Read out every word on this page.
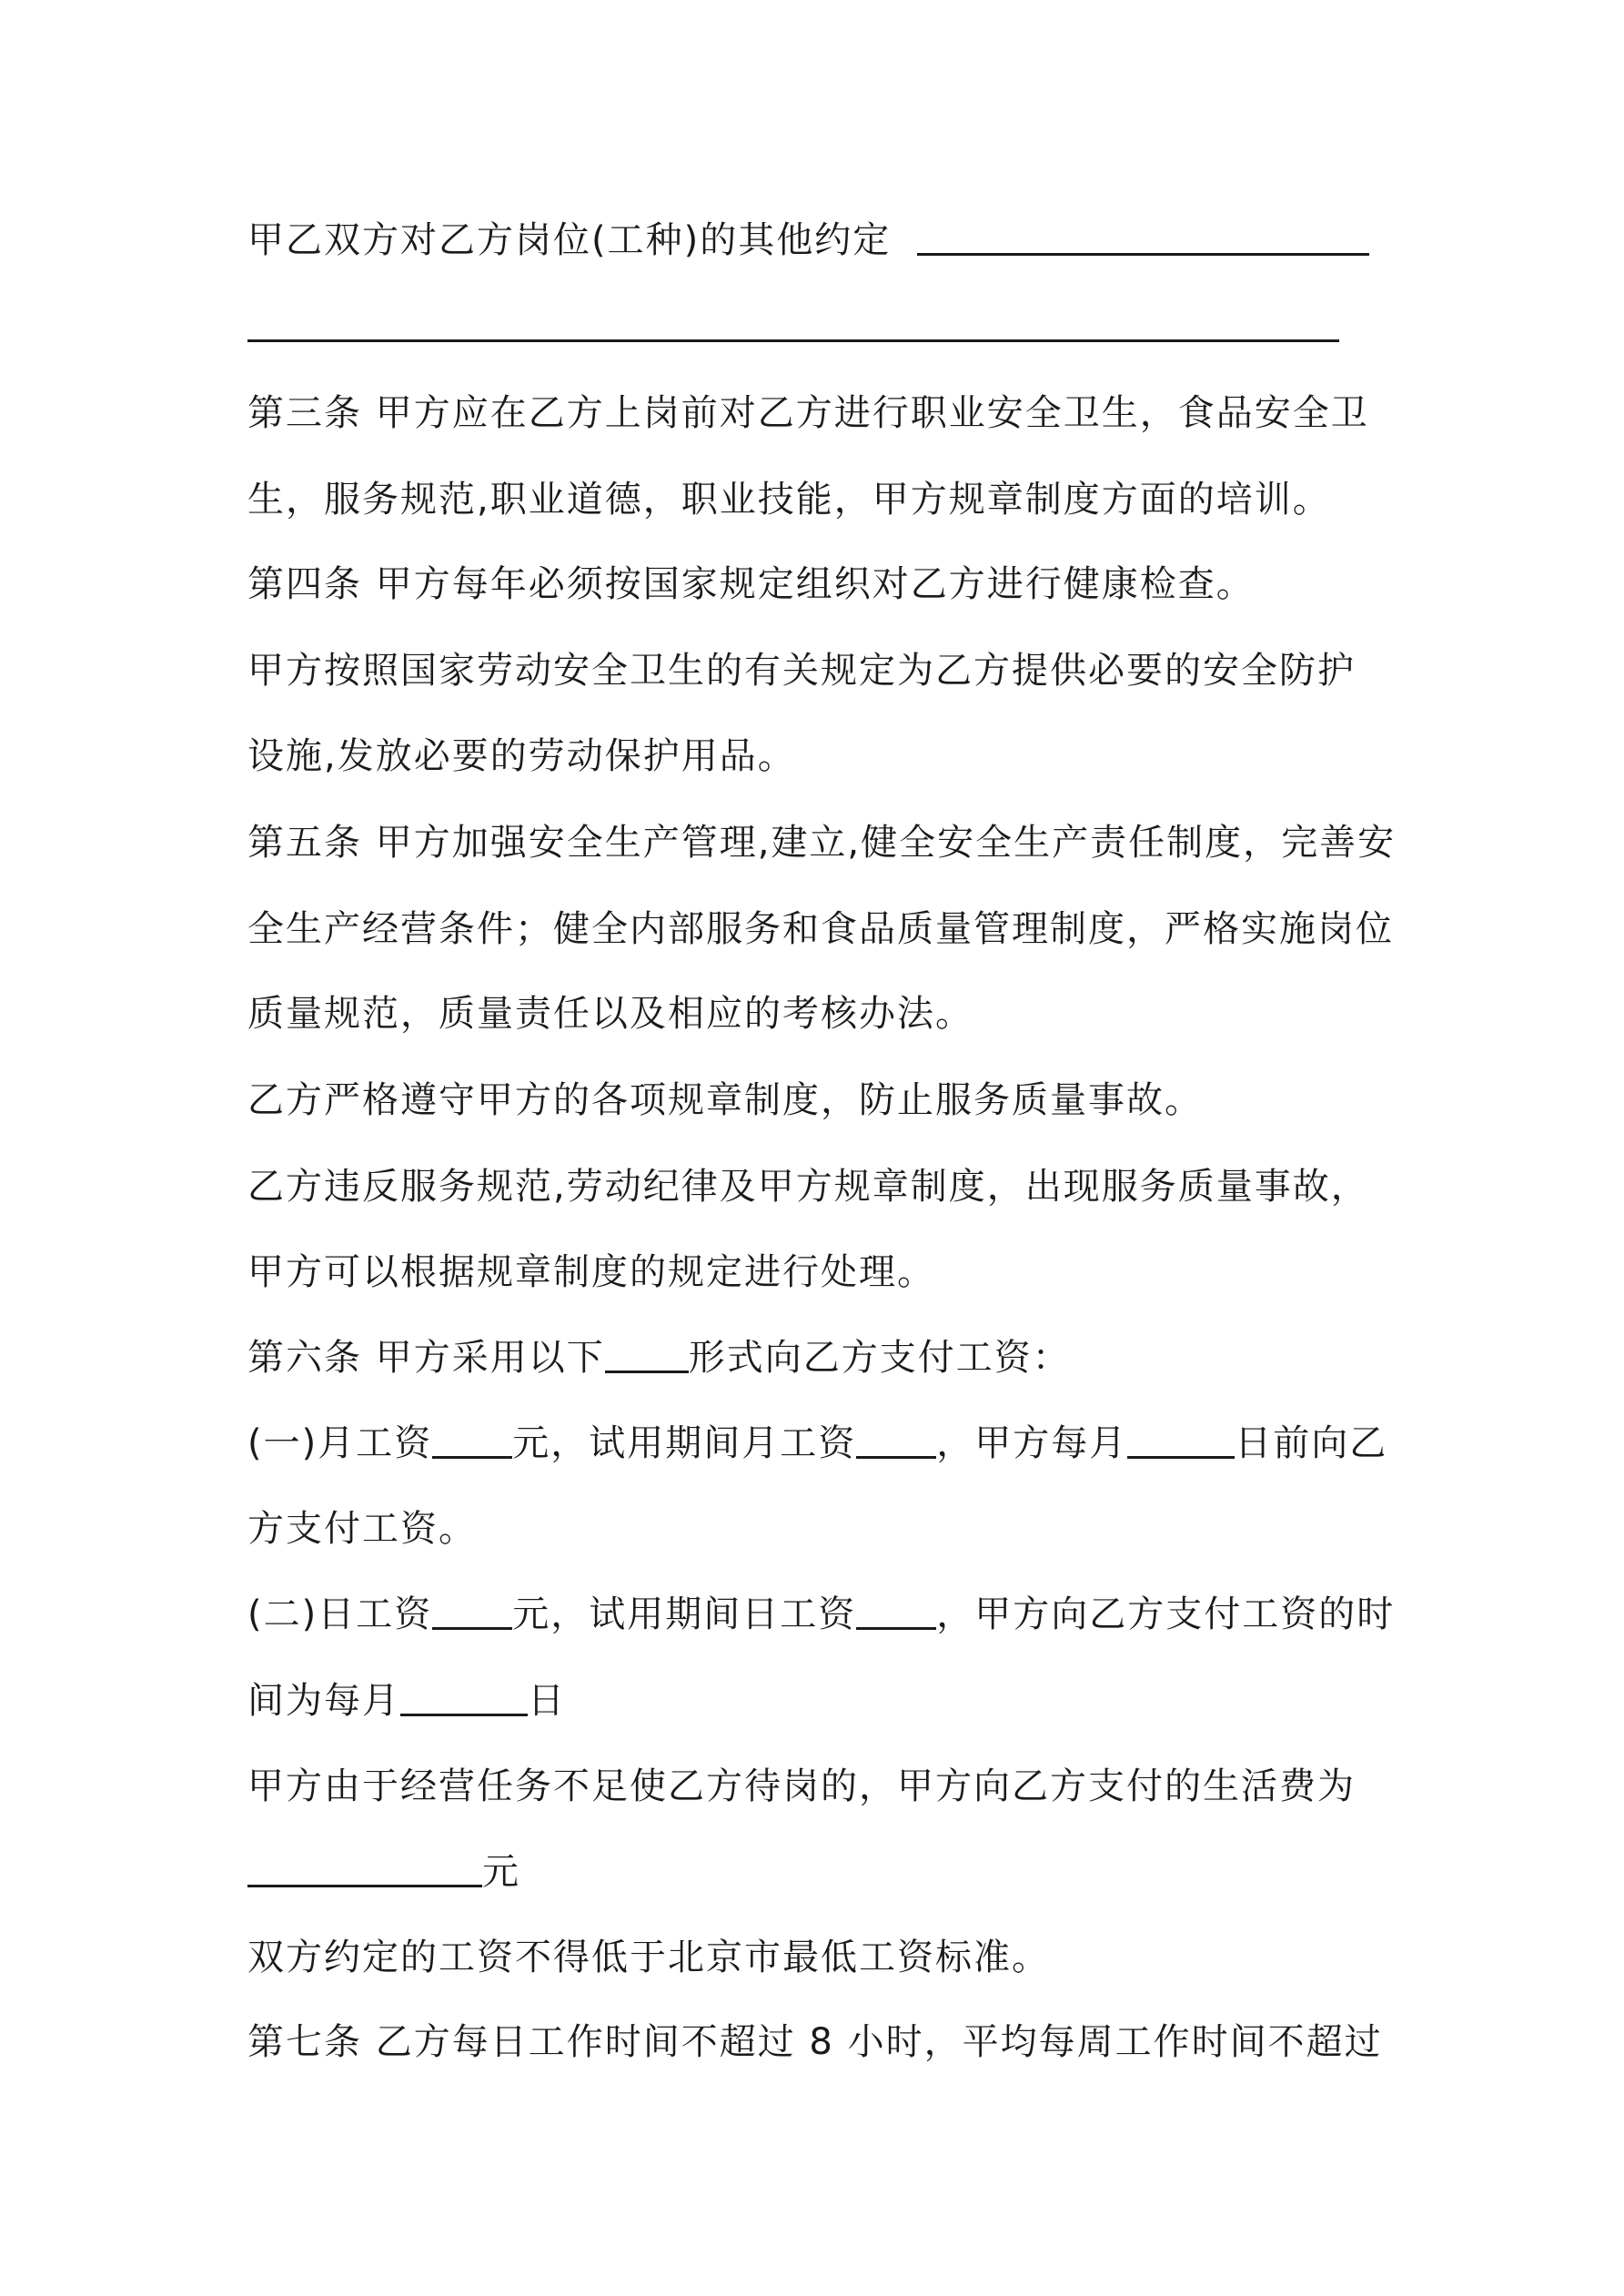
甲乙双方对乙方岗位(工种)的其他约定
第三条 甲方应在乙方上岗前对乙方进行职业安全卫生，食品安全卫
生，服务规范,职业道德，职业技能，甲方规章制度方面的培训。
第四条 甲方每年必须按国家规定组织对乙方进行健康检查。
甲方按照国家劳动安全卫生的有关规定为乙方提供必要的安全防护
设施,发放必要的劳动保护用品。
第五条 甲方加强安全生产管理,建立,健全安全生产责任制度，完善安
全生产经营条件；健全内部服务和食品质量管理制度，严格实施岗位
质量规范，质量责任以及相应的考核办法。
乙方严格遵守甲方的各项规章制度，防止服务质量事故。
乙方违反服务规范,劳动纪律及甲方规章制度，出现服务质量事故，
甲方可以根据规章制度的规定进行处理。
第六条 甲方采用以下 形式向乙方支付工资：
(一)月工资 元，试用期间月工资 ，甲方每月	日前向乙
方支付工资。
(二)日工资 元，试用期间日工资 ，甲方向乙方支付工资的时
间为每月	日
甲方由于经营任务不足使乙方待岗的，甲方向乙方支付的生活费为
元
双方约定的工资不得低于北京市最低工资标准。
第七条 乙方每日工作时间不超过 8 小时，平均每周工作时间不超过
